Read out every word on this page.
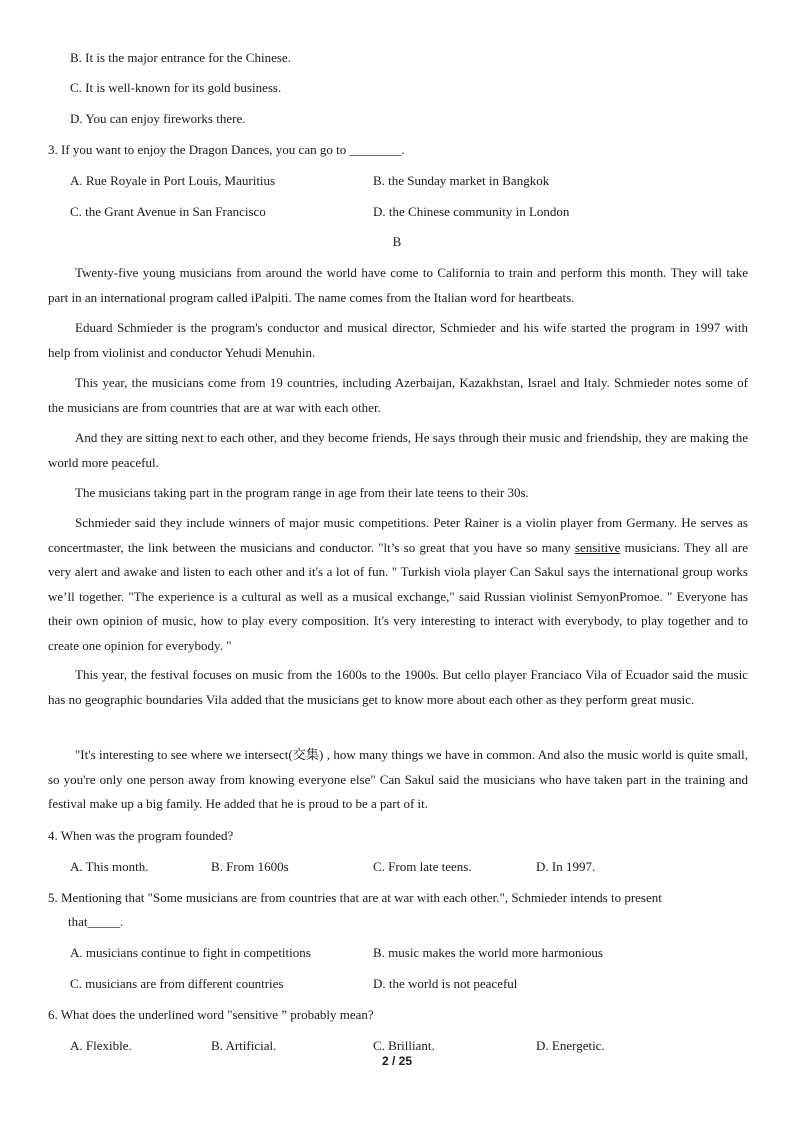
B. It is the major entrance for the Chinese.
C. It is well-known for its gold business.
D. You can enjoy fireworks there.
3. If you want to enjoy the Dragon Dances, you can go to ________.
A. Rue Royale in Port Louis, Mauritius	B. the Sunday market in Bangkok
C. the Grant Avenue in San Francisco	D. the Chinese community in London
B
Twenty-five young musicians from around the world have come to California to train and perform this month. They will take part in an international program called iPalpiti. The name comes from the Italian word for heartbeats.
Eduard Schmieder is the program's conductor and musical director, Schmieder and his wife started the program in 1997 with help from violinist and conductor Yehudi Menuhin.
This year, the musicians come from 19 countries, including Azerbaijan, Kazakhstan, Israel and Italy. Schmieder notes some of the musicians are from countries that are at war with each other.
And they are sitting next to each other, and they become friends, He says through their music and friendship, they are making the world more peaceful.
The musicians taking part in the program range in age from their late teens to their 30s.
Schmieder said they include winners of major music competitions. Peter Rainer is a violin player from Germany. He serves as concertmaster, the link between the musicians and conductor. "lt’s so great that you have so many sensitive musicians. They all are very alert and awake and listen to each other and it's a lot of fun. " Turkish viola player Can Sakul says the international group works we’ll together. "The experience is a cultural as well as a musical exchange," said Russian violinist SemyonPromoe. " Everyone has their own opinion of music, how to play every composition. It's very interesting to interact with everybody, to play together and to create one opinion for everybody. "
This year, the festival focuses on music from the 1600s to the 1900s. But cello player Franciaco Vila of Ecuador said the music has no geographic boundaries Vila added that the musicians get to know more about each other as they perform great music.
"It's interesting to see where we intersect(交集) , how many things we have in common. And also the music world is quite small, so you're only one person away from knowing everyone else" Can Sakul said the musicians who have taken part in the training and festival make up a big family. He added that he is proud to be a part of it.
4. When was the program founded?
A. This month.	B. From 1600s	C. From late teens.	D. In 1997.
5. Mentioning that "Some musicians are from countries that are at war with each other.", Schmieder intends to present
that_____.
A. musicians continue to fight in competitions	B. music makes the world more harmonious
C. musicians are from different countries	D. the world is not peaceful
6. What does the underlined word "sensitive ” probably mean?
A. Flexible.	B. Artificial.	C. Brilliant.	D. Energetic.
2 / 25
